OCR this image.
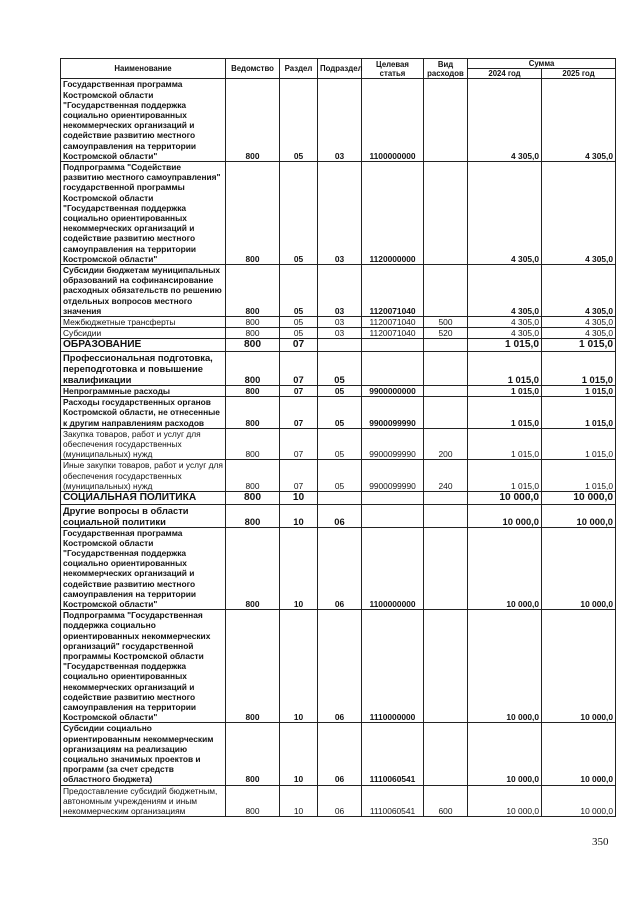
Наименование	Ведомство	Раздел	Подраздел	Целевая статья	Вид расходов	Сумма	
						2024 год	2025 год
Государственная программа Костромской области "Государственная поддержка социально ориентированных некоммерческих организаций и содействие развитию местного самоуправления на территории Костромской области"	800	05	03	1100000000		4 305,0	4 305,0
Подпрограмма "Содействие развитию местного самоуправления" государственной программы Костромской области "Государственная поддержка социально ориентированных некоммерческих организаций и содействие развитию местного самоуправления на территории Костромской области"	800	05	03	1120000000		4 305,0	4 305,0
Субсидии бюджетам муниципальных образований на софинансирование расходных обязательств по решению отдельных вопросов местного значения	800	05	03	1120071040		4 305,0	4 305,0
Межбюджетные трансферты	800	05	03	1120071040	500	4 305,0	4 305,0
Субсидии	800	05	03	1120071040	520	4 305,0	4 305,0
ОБРАЗОВАНИЕ	800	07				1 015,0	1 015,0
Профессиональная подготовка, переподготовка и повышение квалификации	800	07	05			1 015,0	1 015,0
Непрограммные расходы	800	07	05	9900000000		1 015,0	1 015,0
Расходы государственных органов Костромской области, не отнесенные к другим направлениям расходов	800	07	05	9900099990		1 015,0	1 015,0
Закупка товаров, работ и услуг для обеспечения государственных (муниципальных) нужд	800	07	05	9900099990	200	1 015,0	1 015,0
Иные закупки товаров, работ и услуг для обеспечения государственных (муниципальных) нужд	800	07	05	9900099990	240	1 015,0	1 015,0
СОЦИАЛЬНАЯ ПОЛИТИКА	800	10				10 000,0	10 000,0
Другие вопросы в области социальной политики	800	10	06			10 000,0	10 000,0
Государственная программа Костромской области "Государственная поддержка социально ориентированных некоммерческих организаций и содействие развитию местного самоуправления на территории Костромской области"	800	10	06	1100000000		10 000,0	10 000,0
Подпрограмма "Государственная поддержка социально ориентированных некоммерческих организаций" государственной программы Костромской области "Государственная поддержка социально ориентированных некоммерческих организаций и содействие развитию местного самоуправления на территории Костромской области"	800	10	06	1110000000		10 000,0	10 000,0
Субсидии социально ориентированным некоммерческим организациям на реализацию социально значимых проектов и программ (за счет средств областного бюджета)	800	10	06	1110060541		10 000,0	10 000,0
Предоставление субсидий бюджетным, автономным учреждениям и иным некоммерческим организациям	800	10	06	1110060541	600	10 000,0	10 000,0
350
